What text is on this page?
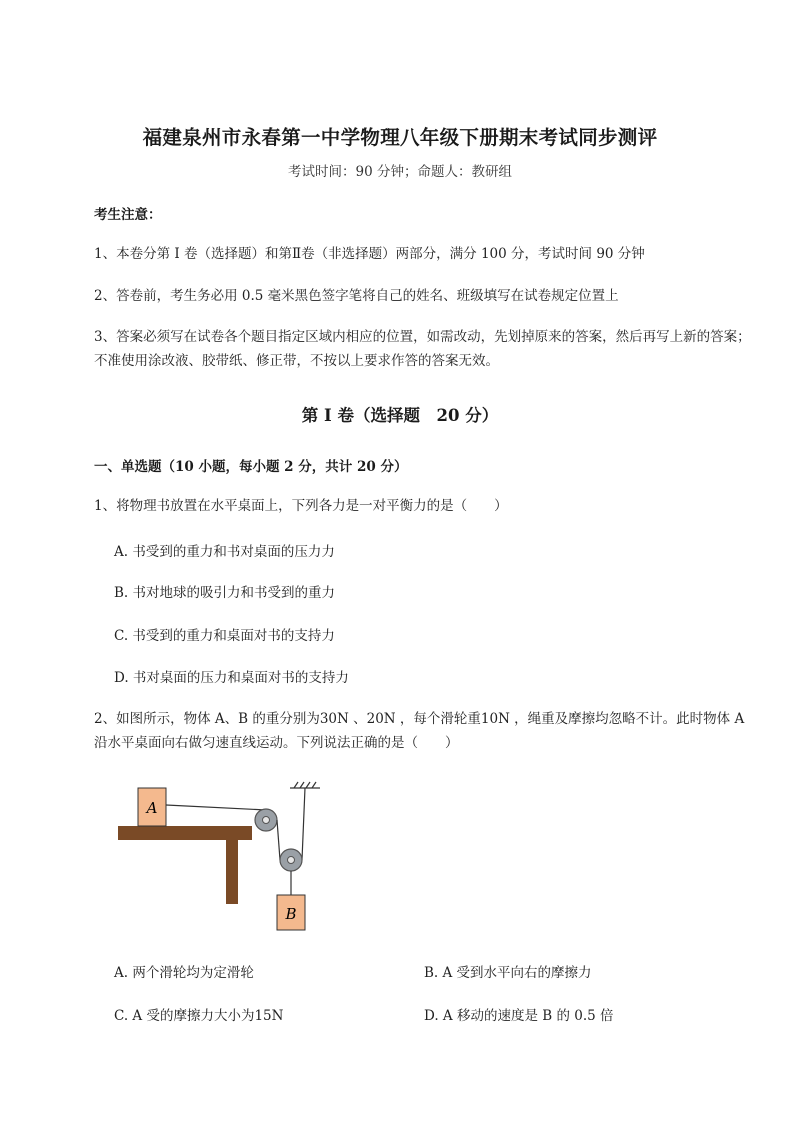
福建泉州市永春第一中学物理八年级下册期末考试同步测评
考试时间：90 分钟；命题人：教研组
考生注意：
1、本卷分第 I 卷（选择题）和第Ⅱ卷（非选择题）两部分，满分 100 分，考试时间 90 分钟
2、答卷前，考生务必用 0.5 毫米黑色签字笔将自己的姓名、班级填写在试卷规定位置上
3、答案必须写在试卷各个题目指定区域内相应的位置，如需改动，先划掉原来的答案，然后再写上新的答案；不准使用涂改液、胶带纸、修正带，不按以上要求作答的答案无效。
第 I 卷（选择题　20 分）
一、单选题（10 小题，每小题 2 分，共计 20 分）
1、将物理书放置在水平桌面上，下列各力是一对平衡力的是（　　）
A. 书受到的重力和书对桌面的压力力
B. 书对地球的吸引力和书受到的重力
C. 书受到的重力和桌面对书的支持力
D. 书对桌面的压力和桌面对书的支持力
2、如图所示，物体 A、B 的重分别为30N 、20N ，每个滑轮重10N ，绳重及摩擦均忽略不计。此时物体 A 沿水平桌面向右做匀速直线运动。下列说法正确的是（　　）
A
B
A. 两个滑轮均为定滑轮	B. A 受到水平向右的摩擦力
C. A 受的摩擦力大小为15N	D. A 移动的速度是 B 的 0.5 倍
